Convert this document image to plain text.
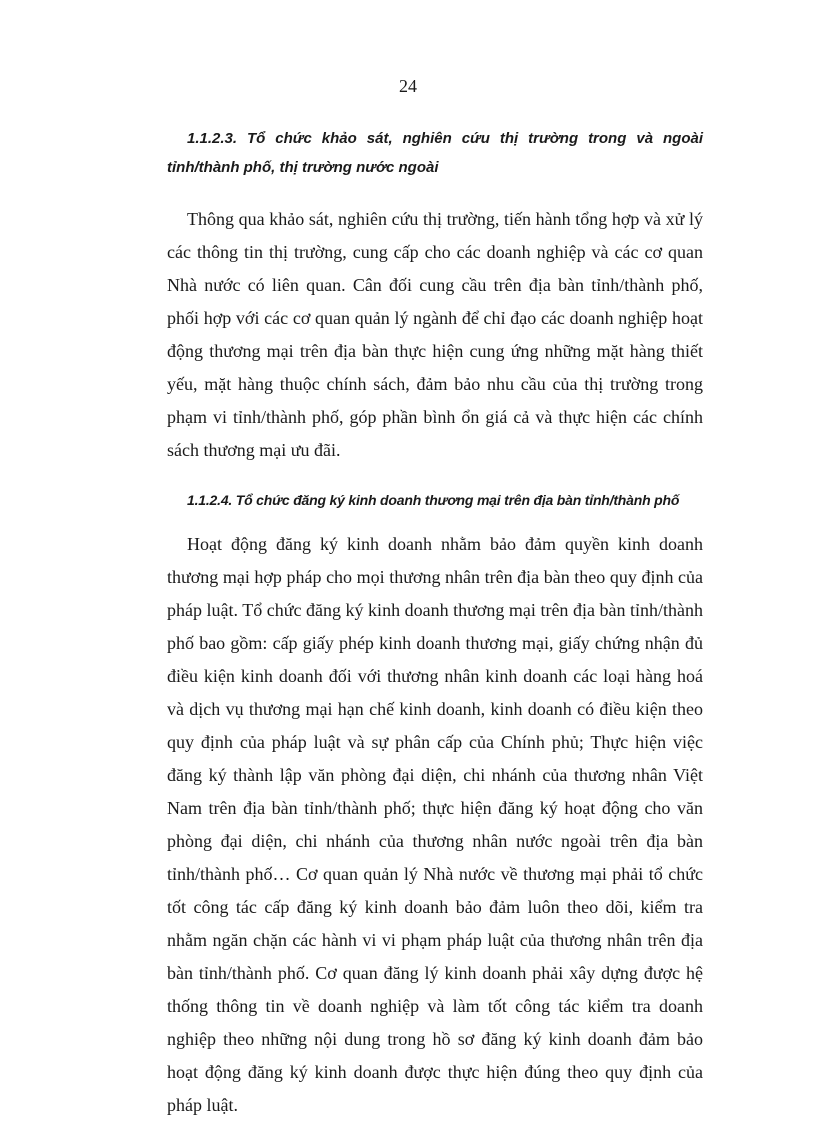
24

1.1.2.3. Tổ chức khảo sát, nghiên cứu thị trường trong và ngoài tỉnh/thành phố, thị trường nước ngoài

Thông qua khảo sát, nghiên cứu thị trường, tiến hành tổng hợp và xử lý các thông tin thị trường, cung cấp cho các doanh nghiệp và các cơ quan Nhà nước có liên quan. Cân đối cung cầu trên địa bàn tỉnh/thành phố, phối hợp với các cơ quan quản lý ngành để chỉ đạo các doanh nghiệp hoạt động thương mại trên địa bàn thực hiện cung ứng những mặt hàng thiết yếu, mặt hàng thuộc chính sách, đảm bảo nhu cầu của thị trường trong phạm vi tỉnh/thành phố, góp phần bình ổn giá cả và thực hiện các chính sách thương mại ưu đãi.

1.1.2.4. Tổ chức đăng ký kinh doanh thương mại trên địa bàn tỉnh/thành phố

Hoạt động đăng ký kinh doanh nhằm bảo đảm quyền kinh doanh thương mại hợp pháp cho mọi thương nhân trên địa bàn theo quy định của pháp luật. Tổ chức đăng ký kinh doanh thương mại trên địa bàn tỉnh/thành phố bao gồm: cấp giấy phép kinh doanh thương mại, giấy chứng nhận đủ điều kiện kinh doanh đối với thương nhân kinh doanh các loại hàng hoá và dịch vụ thương mại hạn chế kinh doanh, kinh doanh có điều kiện theo quy định của pháp luật và sự phân cấp của Chính phủ; Thực hiện việc đăng ký thành lập văn phòng đại diện, chi nhánh của thương nhân Việt Nam trên địa bàn tỉnh/thành phố; thực hiện đăng ký hoạt động cho văn phòng đại diện, chi nhánh của thương nhân nước ngoài trên địa bàn tỉnh/thành phố… Cơ quan quản lý Nhà nước về thương mại phải tổ chức tốt công tác cấp đăng ký kinh doanh bảo đảm luôn theo dõi, kiểm tra nhằm ngăn chặn các hành vi vi phạm pháp luật của thương nhân trên địa bàn tỉnh/thành phố. Cơ quan đăng lý kinh doanh phải xây dựng được hệ thống thông tin về doanh nghiệp và làm tốt công tác kiểm tra doanh nghiệp theo những nội dung trong hồ sơ đăng ký kinh doanh đảm bảo hoạt động đăng ký kinh doanh được thực hiện đúng theo quy định của pháp luật.
